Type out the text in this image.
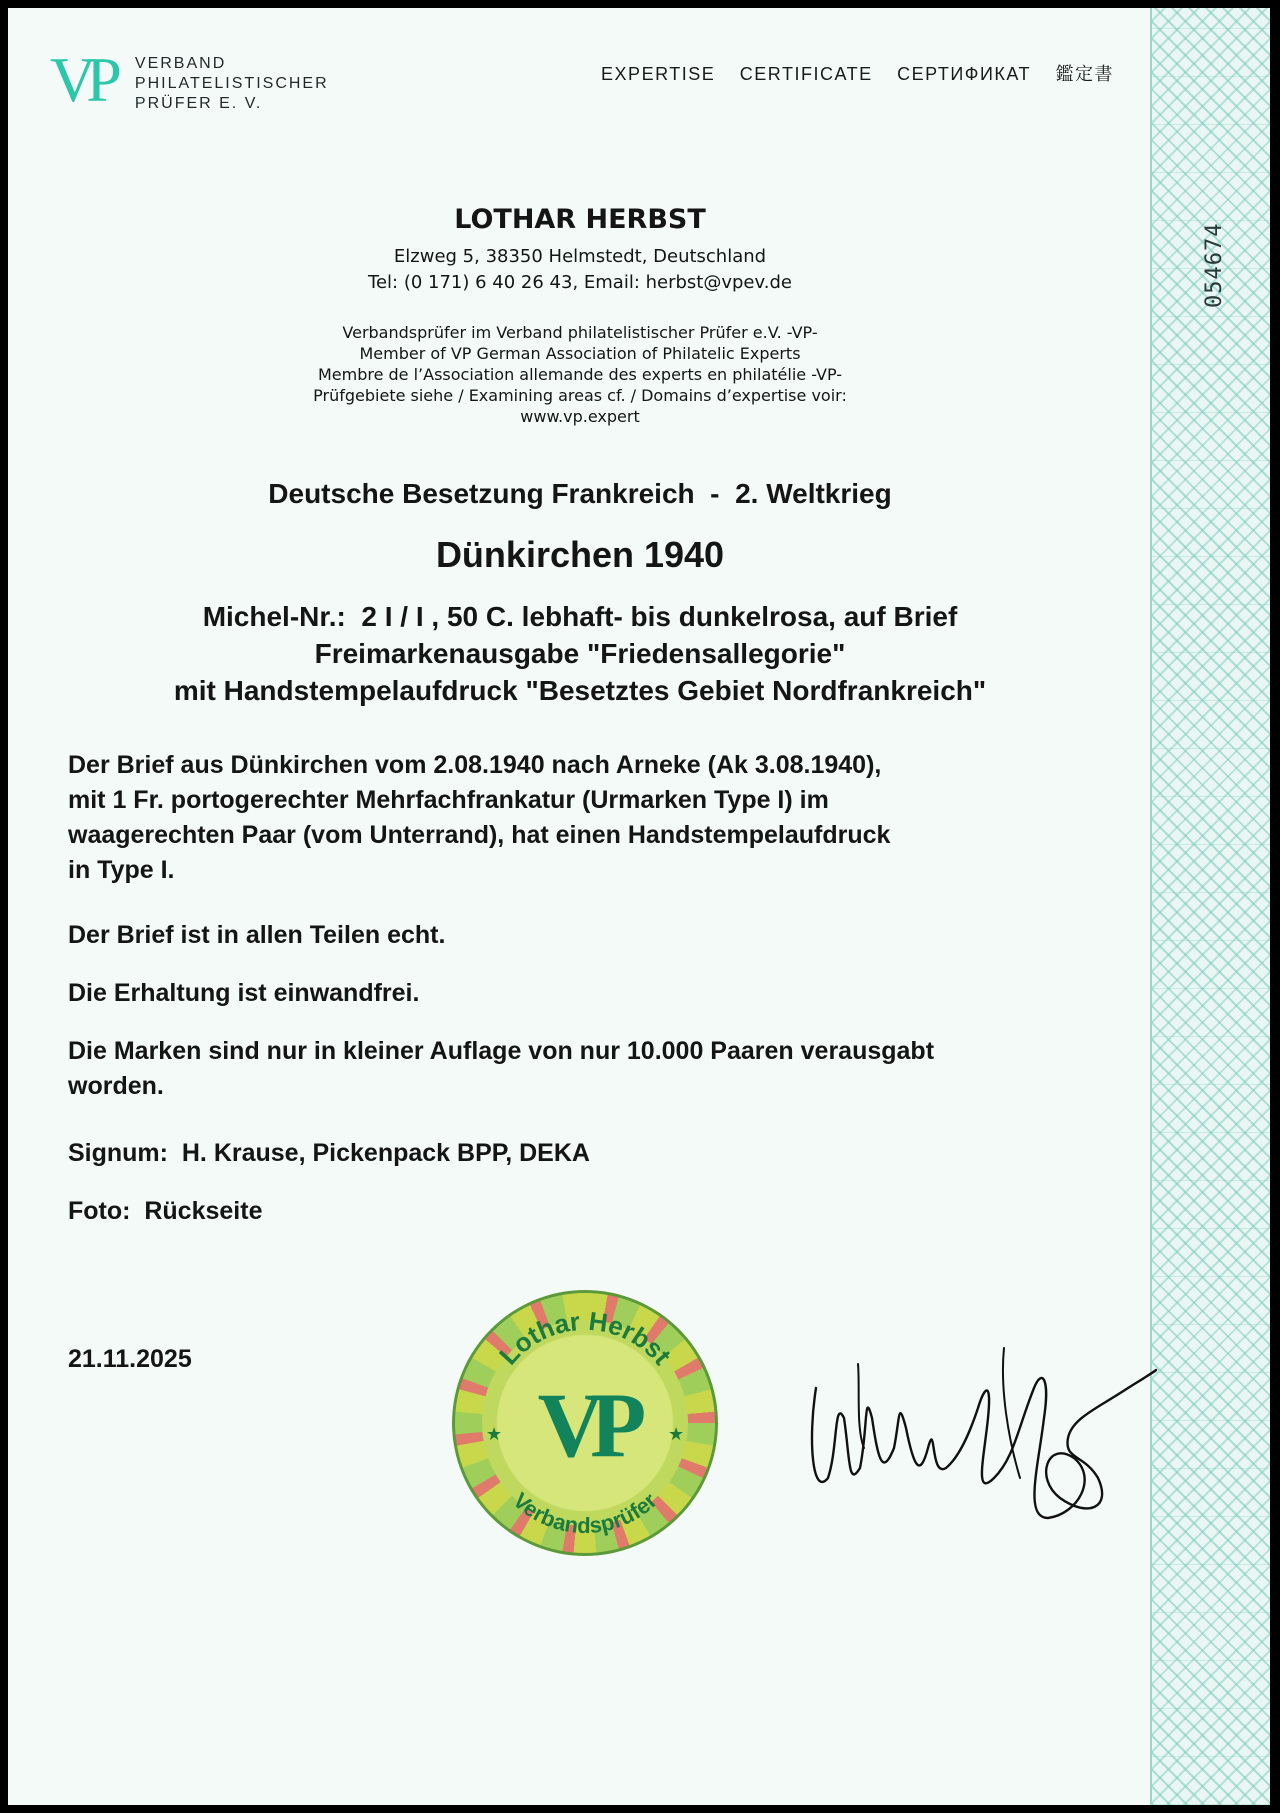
054674
VP VERBAND
PHILATELISTISCHER
PRÜFER E. V.
EXPERTISE CERTIFICATE СЕРТИФИКАТ 鑑定書
LOTHAR HERBST
Elzweg 5, 38350 Helmstedt, Deutschland
Tel: (0 171) 6 40 26 43, Email: herbst@vpev.de
Verbandsprüfer im Verband philatelistischer Prüfer e.V. -VP-
Member of VP German Association of Philatelic Experts
Membre de l’Association allemande des experts en philatélie -VP-
Prüfgebiete siehe / Examining areas cf. / Domains d’expertise voir:
www.vp.expert
Deutsche Besetzung Frankreich  -  2. Weltkrieg
Dünkirchen 1940
Michel-Nr.:  2 I / I , 50 C. lebhaft- bis dunkelrosa, auf Brief
Freimarkenausgabe "Friedensallegorie"
mit Handstempelaufdruck "Besetztes Gebiet Nordfrankreich"
Der Brief aus Dünkirchen vom 2.08.1940 nach Arneke (Ak 3.08.1940),
mit 1 Fr. portogerechter Mehrfachfrankatur (Urmarken Type I) im
waagerechten Paar (vom Unterrand), hat einen Handstempelaufdruck
in Type I.
Der Brief ist in allen Teilen echt.
Die Erhaltung ist einwandfrei.
Die Marken sind nur in kleiner Auflage von nur 10.000 Paaren verausgabt
worden.
Signum:  H. Krause, Pickenpack BPP, DEKA
Foto:  Rückseite
21.11.2025
VP
Lothar Herbst
Verbandsprüfer
★	★
